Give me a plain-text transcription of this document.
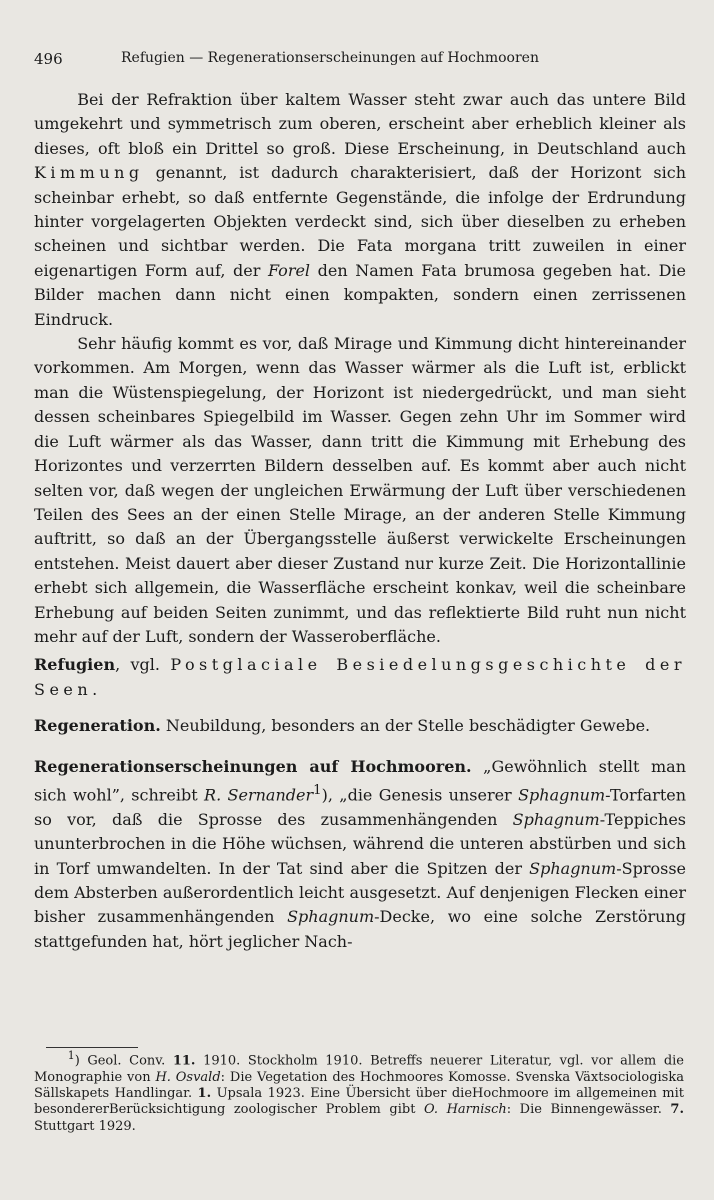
496	Refugien — Regenerationserscheinungen auf Hochmooren

Bei der Refraktion über kaltem Wasser steht zwar auch das untere Bild umgekehrt und symmetrisch zum oberen, erscheint aber erheblich kleiner als dieses, oft bloß ein Drittel so groß. Diese Erscheinung, in Deutschland auch Kimmung genannt, ist dadurch charakterisiert, daß der Horizont sich scheinbar erhebt, so daß entfernte Gegenstände, die infolge der Erdrundung hinter vorgelagerten Objekten verdeckt sind, sich über dieselben zu erheben scheinen und sichtbar werden. Die Fata morgana tritt zuweilen in einer eigenartigen Form auf, der Forel den Namen Fata brumosa gegeben hat. Die Bilder machen dann nicht einen kompakten, sondern einen zerrissenen Eindruck.

Sehr häufig kommt es vor, daß Mirage und Kimmung dicht hintereinander vorkommen. Am Morgen, wenn das Wasser wärmer als die Luft ist, erblickt man die Wüstenspiegelung, der Horizont ist niedergedrückt, und man sieht dessen scheinbares Spiegelbild im Wasser. Gegen zehn Uhr im Sommer wird die Luft wärmer als das Wasser, dann tritt die Kimmung mit Erhebung des Horizontes und verzerrten Bildern desselben auf. Es kommt aber auch nicht selten vor, daß wegen der ungleichen Erwärmung der Luft über verschiedenen Teilen des Sees an der einen Stelle Mirage, an der anderen Stelle Kimmung auftritt, so daß an der Übergangsstelle äußerst verwickelte Erscheinungen entstehen. Meist dauert aber dieser Zustand nur kurze Zeit. Die Horizontallinie erhebt sich allgemein, die Wasserfläche erscheint konkav, weil die scheinbare Erhebung auf beiden Seiten zunimmt, und das reflektierte Bild ruht nun nicht mehr auf der Luft, sondern der Wasseroberfläche.

Refugien, vgl. Postglaciale Besiedelungsgeschichte der Seen.

Regeneration. Neubildung, besonders an der Stelle beschädigter Gewebe.

Regenerationserscheinungen auf Hochmooren. „Gewöhnlich stellt man sich wohl”, schreibt R. Sernander$^1$), „die Genesis unserer Sphagnum-Torfarten so vor, daß die Sprosse des zusammenhängenden Sphagnum-Teppiches ununterbrochen in die Höhe wüchsen, während die unteren abstürben und sich in Torf umwandelten. In der Tat sind aber die Spitzen der Sphagnum-Sprosse dem Absterben außerordentlich leicht ausgesetzt. Auf denjenigen Flecken einer bisher zusammenhängenden Sphagnum-Decke, wo eine solche Zerstörung stattgefunden hat, hört jeglicher Nach-

$^1$) Geol. Conv. 11. 1910. Stockholm 1910. Betreffs neuerer Literatur, vgl. vor allem die Monographie von H. Osvald: Die Vegetation des Hochmoores Komosse. Svenska Växtsociologiska Sällskapets Handlingar. 1. Upsala 1923. Eine Übersicht über dieHochmoore im allgemeinen mit besondererBerücksichtigung zoologischer Problem gibt O. Harnisch: Die Binnengewässer. 7. Stuttgart 1929.
